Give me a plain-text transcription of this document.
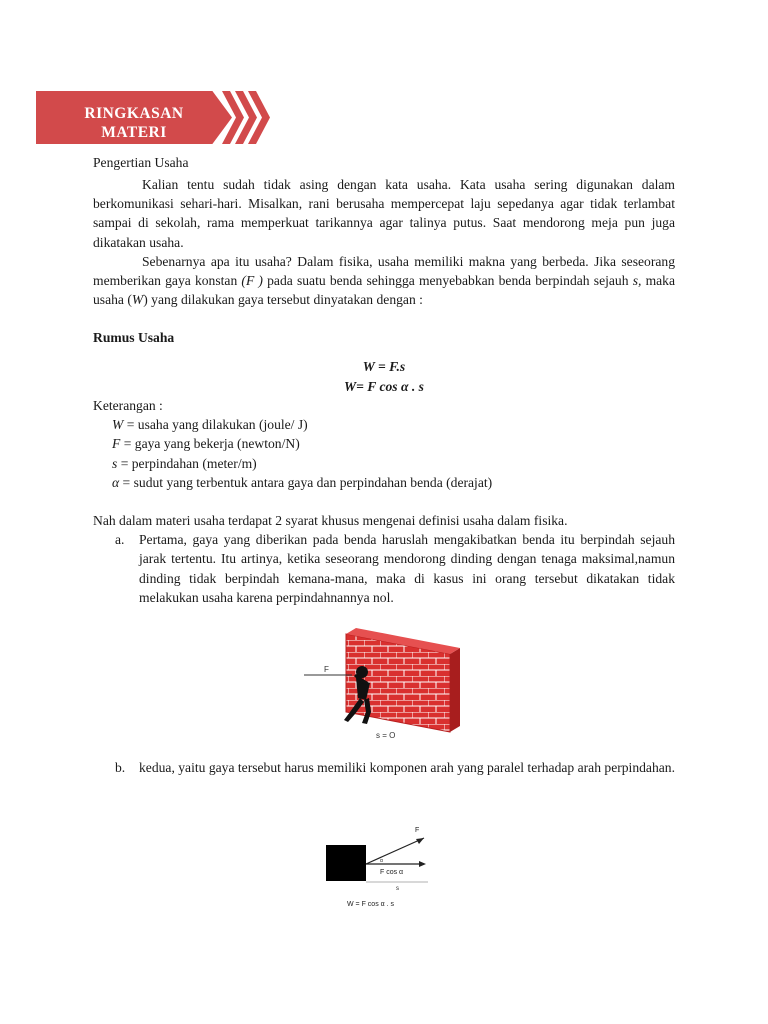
RINGKASAN
MATERI
Pengertian Usaha
Kalian tentu sudah tidak asing dengan kata usaha. Kata usaha sering digunakan dalam berkomunikasi sehari-hari. Misalkan, rani berusaha mempercepat laju sepedanya agar tidak terlambat sampai di sekolah, rama memperkuat tarikannya agar talinya putus. Saat mendorong meja pun juga dikatakan usaha.
Sebenarnya apa itu usaha? Dalam fisika, usaha memiliki makna yang berbeda. Jika seseorang memberikan gaya konstan (F ) pada suatu benda sehingga menyebabkan benda berpindah sejauh s, maka usaha (W) yang dilakukan gaya tersebut dinyatakan dengan :
Rumus Usaha
W = F.s
W= F cos α . s
Keterangan :
W = usaha yang dilakukan (joule/ J)
F = gaya yang bekerja (newton/N)
s = perpindahan (meter/m)
α = sudut yang terbentuk antara gaya dan perpindahan benda (derajat)
Nah dalam materi usaha terdapat 2 syarat khusus mengenai definisi usaha dalam fisika.
a. Pertama, gaya yang diberikan pada benda haruslah mengakibatkan benda itu berpindah sejauh jarak tertentu. Itu artinya, ketika seseorang mendorong dinding dengan tenaga maksimal,namun dinding tidak berpindah kemana-mana, maka di kasus ini orang tersebut dikatakan tidak melakukan usaha karena perpindahnannya nol.
F
s = O
b. kedua, yaitu gaya tersebut harus memiliki komponen arah yang paralel terhadap arah perpindahan.
F
α
F cos α
s
W = F cos α . s
